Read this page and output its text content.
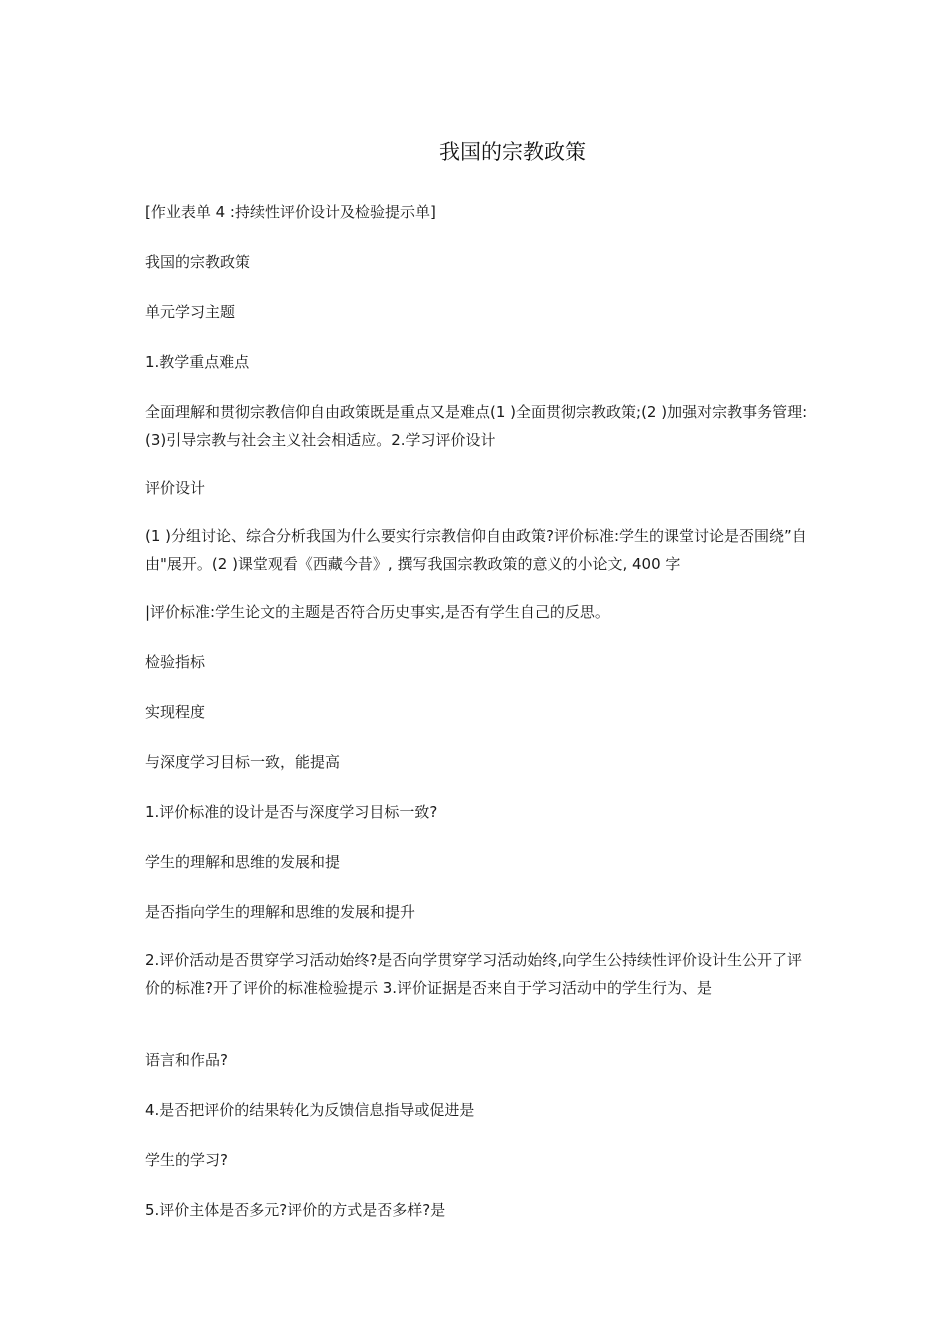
我国的宗教政策

[作业表单 4 :持续性评价设计及检验提示单]

我国的宗教政策

单元学习主题

1.教学重点难点

全面理解和贯彻宗教信仰自由政策既是重点又是难点(1 )全面贯彻宗教政策;(2 )加强对宗教事务管理: (3)引导宗教与社会主义社会相适应。2.学习评价设计

评价设计

(1 )分组讨论、综合分析我国为什么要实行宗教信仰自由政策?评价标准:学生的课堂讨论是否围绕”自由"展开。(2 )课堂观看《西藏今昔》, 撰写我国宗教政策的意义的小论文, 400 字

|评价标准:学生论文的主题是否符合历史事实,是否有学生自己的反思。

检验指标

实现程度

与深度学习目标一致，能提高

1.评价标准的设计是否与深度学习目标一致?

学生的理解和思维的发展和提

是否指向学生的理解和思维的发展和提升

2.评价活动是否贯穿学习活动始终?是否向学贯穿学习活动始终,向学生公持续性评价设计生公开了评价的标准?开了评价的标准检验提示 3.评价证据是否来自于学习活动中的学生行为、是

语言和作品?

4.是否把评价的结果转化为反馈信息指导或促进是

学生的学习?

5.评价主体是否多元?评价的方式是否多样?是
